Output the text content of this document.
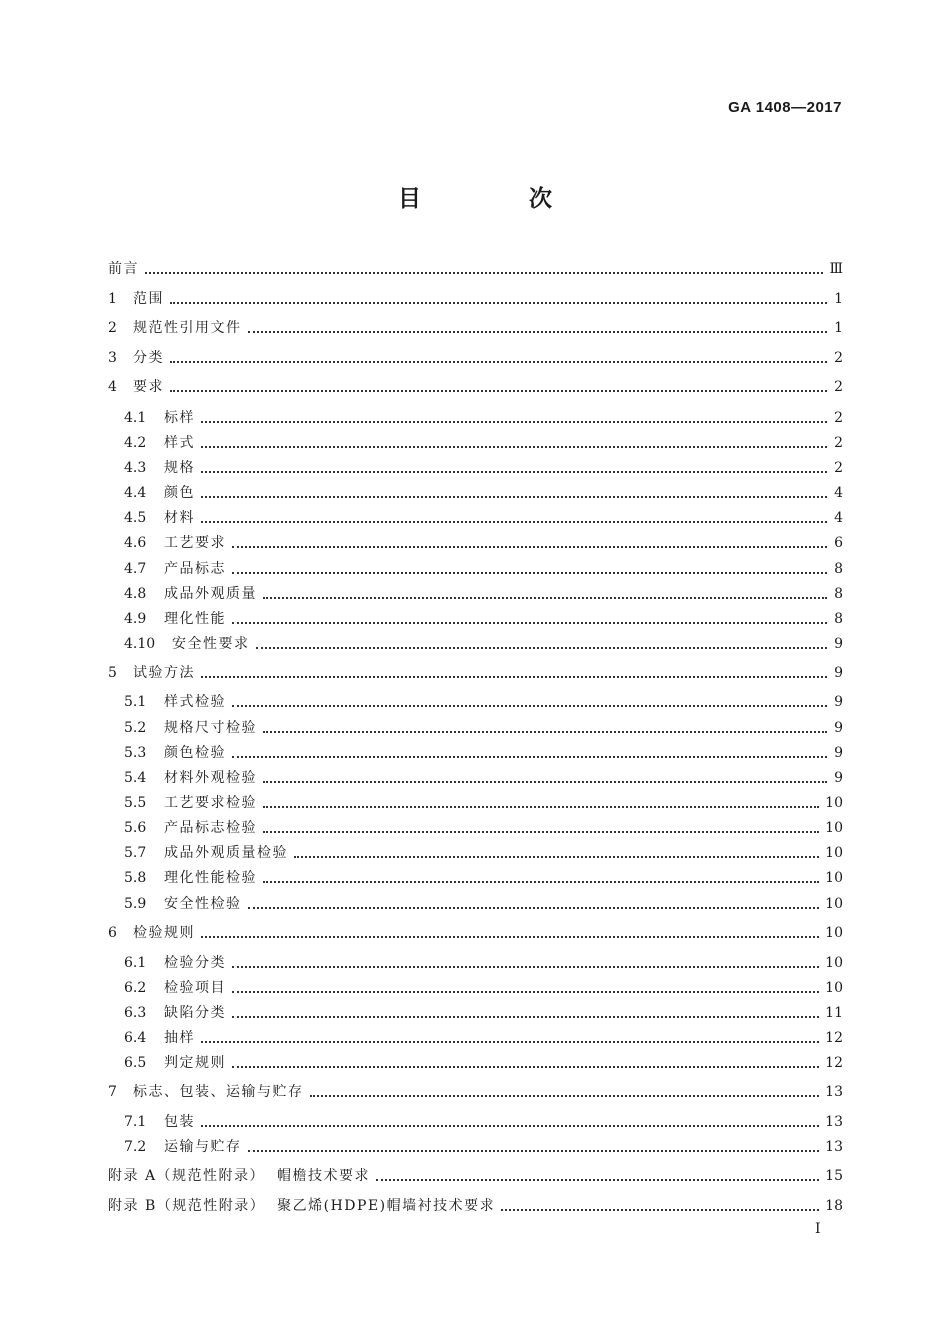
GA 1408—2017
目 次
前言	Ⅲ
1	范围	1
2	规范性引用文件	1
3	分类	2
4	要求	2
4.1	标样	2
4.2	样式	2
4.3	规格	2
4.4	颜色	4
4.5	材料	4
4.6	工艺要求	6
4.7	产品标志	8
4.8	成品外观质量	8
4.9	理化性能	8
4.10	安全性要求	9
5	试验方法	9
5.1	样式检验	9
5.2	规格尺寸检验	9
5.3	颜色检验	9
5.4	材料外观检验	9
5.5	工艺要求检验	10
5.6	产品标志检验	10
5.7	成品外观质量检验	10
5.8	理化性能检验	10
5.9	安全性检验	10
6	检验规则	10
6.1	检验分类	10
6.2	检验项目	10
6.3	缺陷分类	11
6.4	抽样	12
6.5	判定规则	12
7	标志、包装、运输与贮存	13
7.1	包装	13
7.2	运输与贮存	13
附录 A（规范性附录）  帽檐技术要求	15
附录 B（规范性附录）  聚乙烯(HDPE)帽墙衬技术要求	18
I
